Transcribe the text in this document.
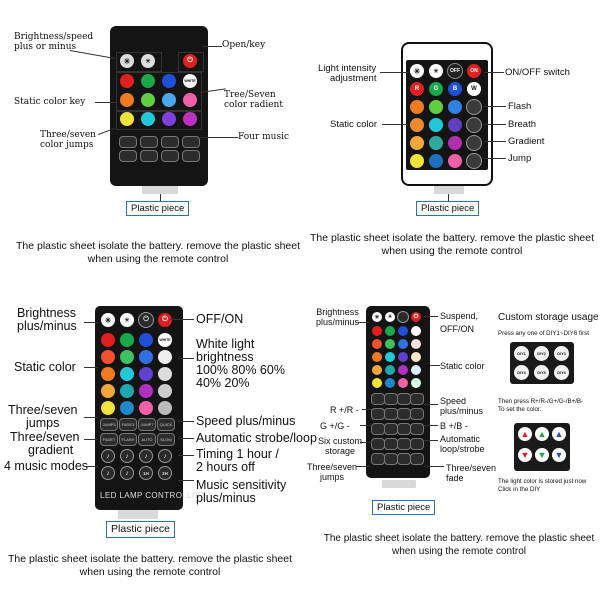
☀	☀	⏻
WHITE
Brightness/speed
plus or minus	Open/key
Tree/Seven
color radient
Static color key
Three/seven
color jumps
Four music
Plastic piece
The plastic sheet isolate the battery. remove the plastic sheet
when using the remote control
☀	☀	OFF	ON
R	G	B	W
Light intensity
adjustment
ON/OFF switch
Static color
Flash
Breath
Gradient
Jump
Plastic piece
The plastic sheet isolate the battery. remove the plastic sheet
when using the remote control
☀	☀	⏻	⏻
WHITE
JUMP3	FADE3	JUMP7	QUICK
FADE7	FLASH	AUTO	SLOW
♪	♪	♪	♪
♪	♪	1H	2H
LED LAMP CONTROLLER
Brightness
plus/minus	OFF/ON
White light
brightness
100% 80% 60%
40% 20%
Static color
Three/seven
jumps	Speed plus/minus
Three/seven
gradient
Automatic strobe/loop
Timing 1 hour /
2 hours off
4 music modes
Music sensitivity
plus/minus
Plastic piece
The plastic sheet isolate the battery. remove the plastic sheet
when using the remote control
☀	☀	⏻
Brightness
plus/minus
Suspend,
OFF/ON
Static color
R +/R -
Speed
plus/minus
G +/G -	B +/B -
Six custom
storage
Automatic
loop/strobe
Three/seven
jumps
Three/seven
fade
Custom storage usage
Press any one of DIY1~DIY6 first
DIY1	DIY2	DIY3
DIY4	DIY5	DIY6
Then press R+/R-/G+/G-/B+/B-
To set the color.
▲
▼
▲
▼
▲
▼
The light color is stored just now
Click in the DIY
Plastic piece
The plastic sheet isolate the battery. remove the plastic sheet
when using the remote control
